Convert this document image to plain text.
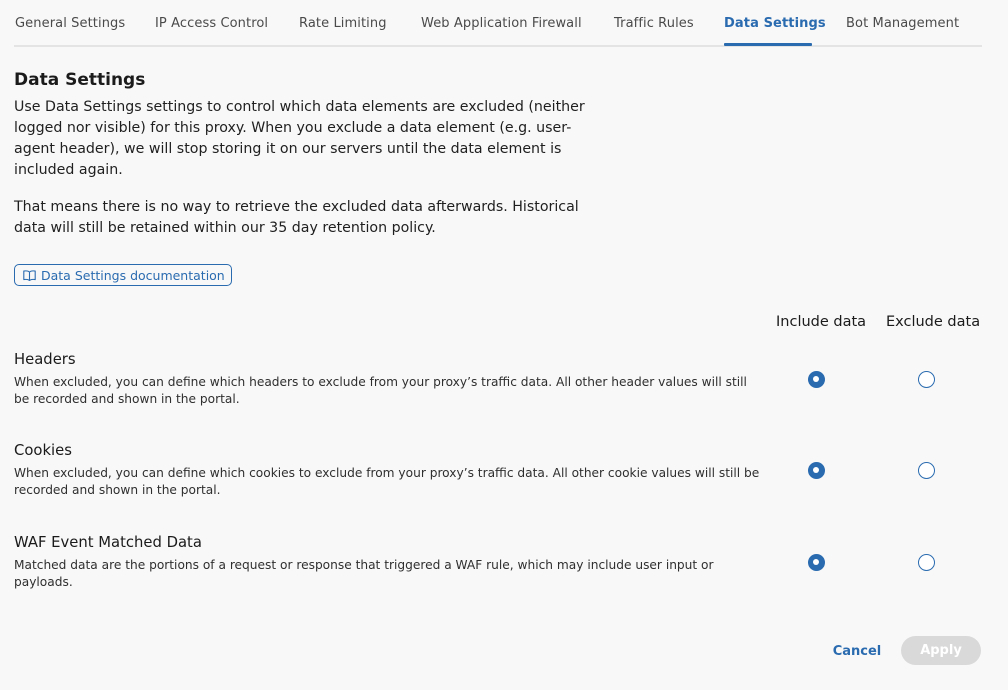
General Settings IP Access Control Rate Limiting	Web Application Firewall Traffic Rules Data Settings Bot Management
Data Settings

Use Data Settings settings to control which data elements are excluded (neither logged nor visible) for this proxy. When you exclude a data element (e.g. user-agent header), we will stop storing it on our servers until the data element is included again.

That means there is no way to retrieve the excluded data afterwards. Historical data will still be retained within our 35 day retention policy.

Data Settings documentation
Include data Exclude data
Headers

When excluded, you can define which headers to exclude from your proxy’s traffic data. All other header values will still be recorded and shown in the portal.

Cookies

When excluded, you can define which cookies to exclude from your proxy’s traffic data. All other cookie values will still be recorded and shown in the portal.

WAF Event Matched Data

Matched data are the portions of a request or response that triggered a WAF rule, which may include user input or payloads.

Cancel	Apply
